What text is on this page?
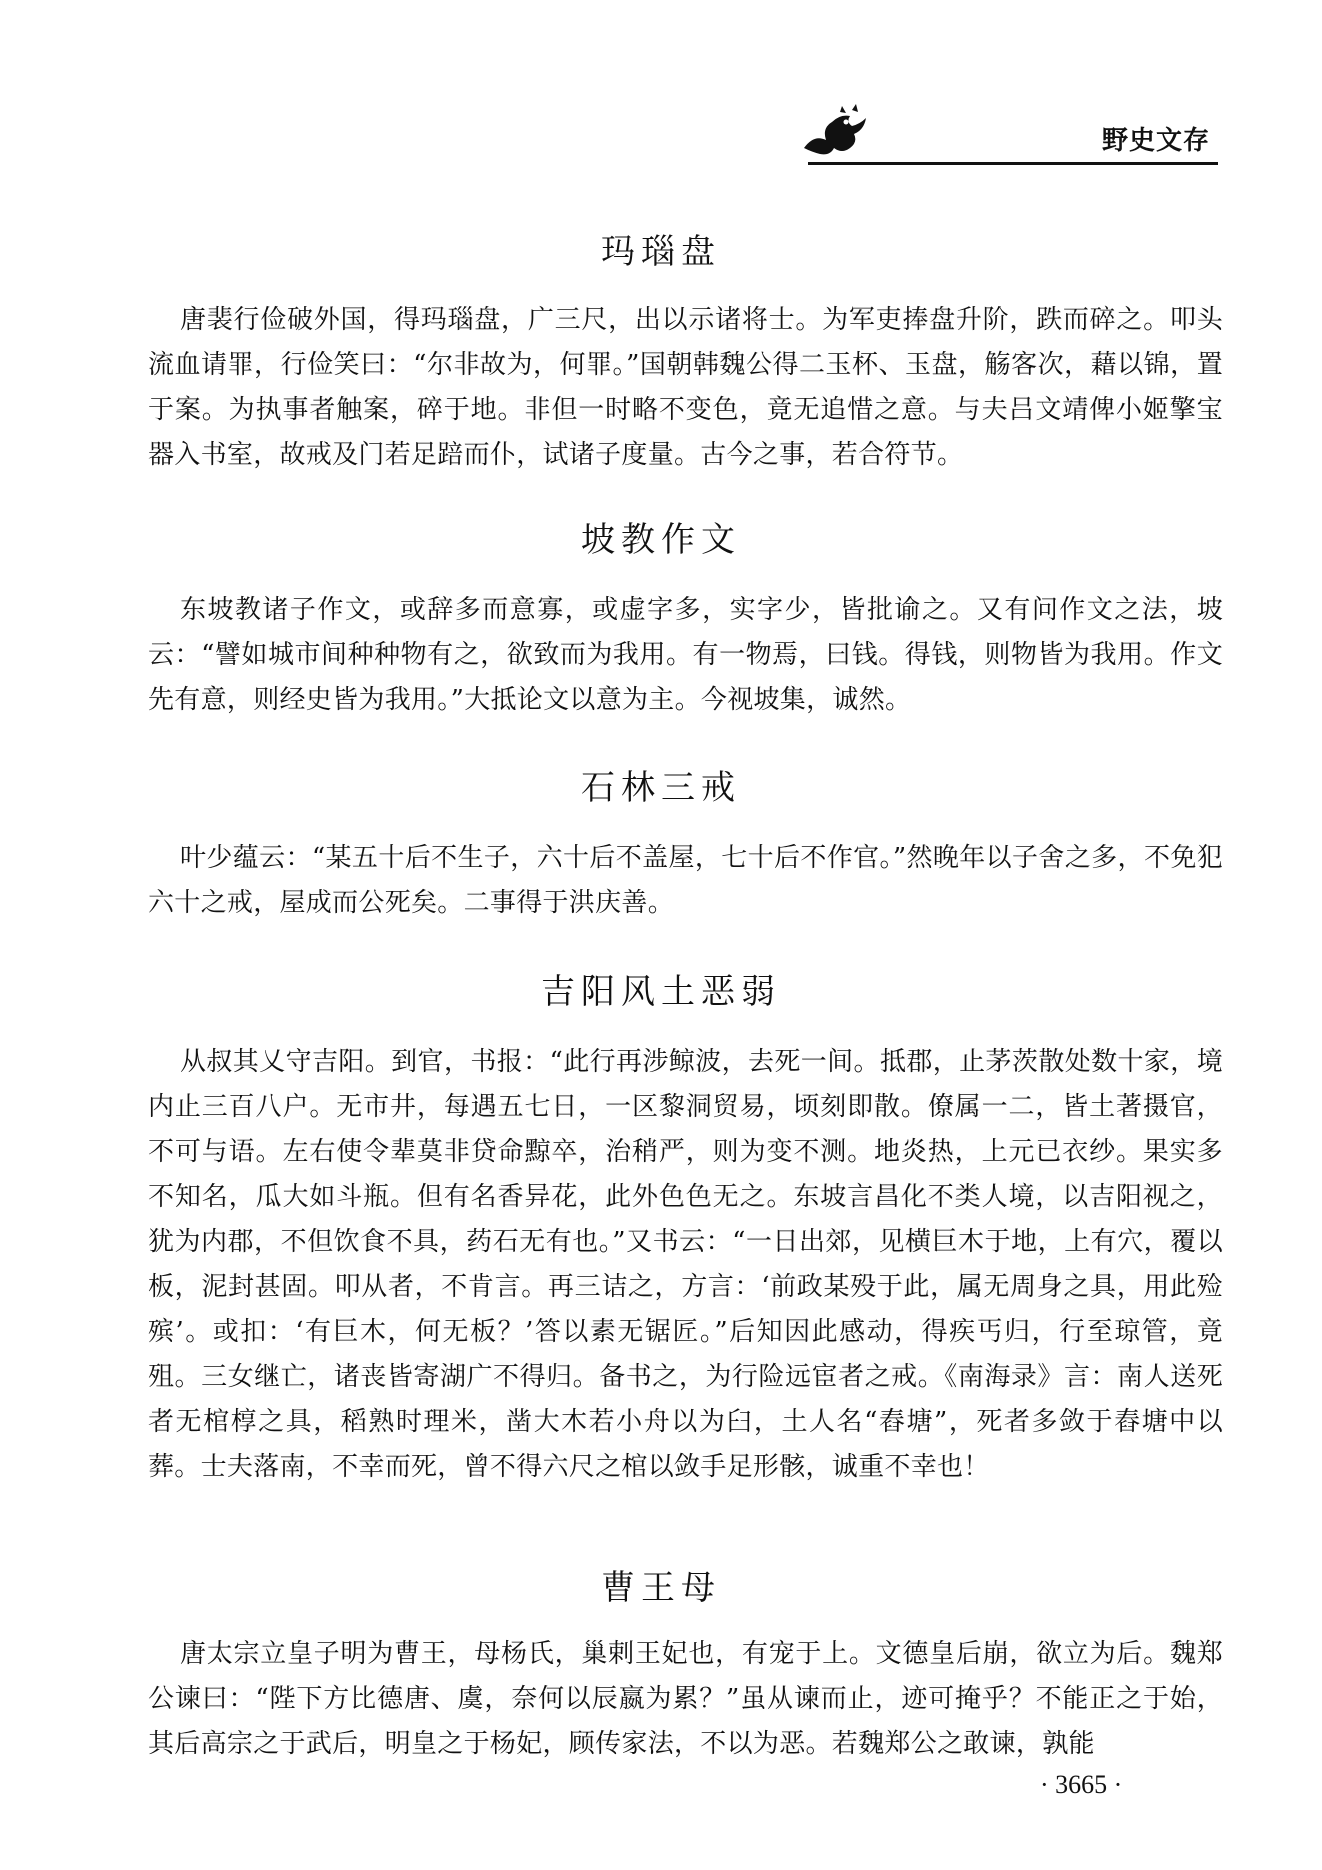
野史文存
玛瑙盘

唐裴行俭破外国，得玛瑙盘，广三尺，出以示诸将士。为军吏捧盘升阶，跌而碎之。叩头流血请罪，行俭笑曰：“尔非故为，何罪。”国朝韩魏公得二玉杯、玉盘，觞客次，藉以锦，置于案。为执事者触案，碎于地。非但一时略不变色，竟无追惜之意。与夫吕文靖俾小姬擎宝器入书室，故戒及门若足踣而仆，试诸子度量。古今之事，若合符节。

坡教作文

东坡教诸子作文，或辞多而意寡，或虚字多，实字少，皆批谕之。又有问作文之法，坡云：“譬如城市间种种物有之，欲致而为我用。有一物焉，曰钱。得钱，则物皆为我用。作文先有意，则经史皆为我用。”大抵论文以意为主。今视坡集，诚然。

石林三戒

叶少蕴云：“某五十后不生子，六十后不盖屋，七十后不作官。”然晚年以子舍之多，不免犯六十之戒，屋成而公死矣。二事得于洪庆善。

吉阳风土恶弱

从叔其乂守吉阳。到官，书报：“此行再涉鲸波，去死一间。抵郡，止茅茨散处数十家，境内止三百八户。无市井，每遇五七日，一区黎洞贸易，顷刻即散。僚属一二，皆土著摄官，不可与语。左右使令辈莫非贷命黥卒，治稍严，则为变不测。地炎热，上元已衣纱。果实多不知名，瓜大如斗瓶。但有名香异花，此外色色无之。东坡言昌化不类人境，以吉阳视之，犹为内郡，不但饮食不具，药石无有也。”又书云：“一日出郊，见横巨木于地，上有穴，覆以板，泥封甚固。叩从者，不肯言。再三诘之，方言：‘前政某殁于此，属无周身之具，用此殓殡’。或扣：‘有巨木，何无板？’答以素无锯匠。”后知因此感动，得疾丐归，行至琼管，竟殂。三女继亡，诸丧皆寄湖广不得归。备书之，为行险远宦者之戒。《南海录》言：南人送死者无棺椁之具，稻熟时理米，凿大木若小舟以为臼，土人名“舂塘”，死者多敛于舂塘中以葬。士夫落南，不幸而死，曾不得六尺之棺以敛手足形骸，诚重不幸也！

曹王母

唐太宗立皇子明为曹王，母杨氏，巢剌王妃也，有宠于上。文德皇后崩，欲立为后。魏郑公谏曰：“陛下方比德唐、虞，奈何以辰嬴为累？”虽从谏而止，迹可掩乎？不能正之于始，其后高宗之于武后，明皇之于杨妃，顾传家法，不以为恶。若魏郑公之敢谏，孰能

· 3665 ·
